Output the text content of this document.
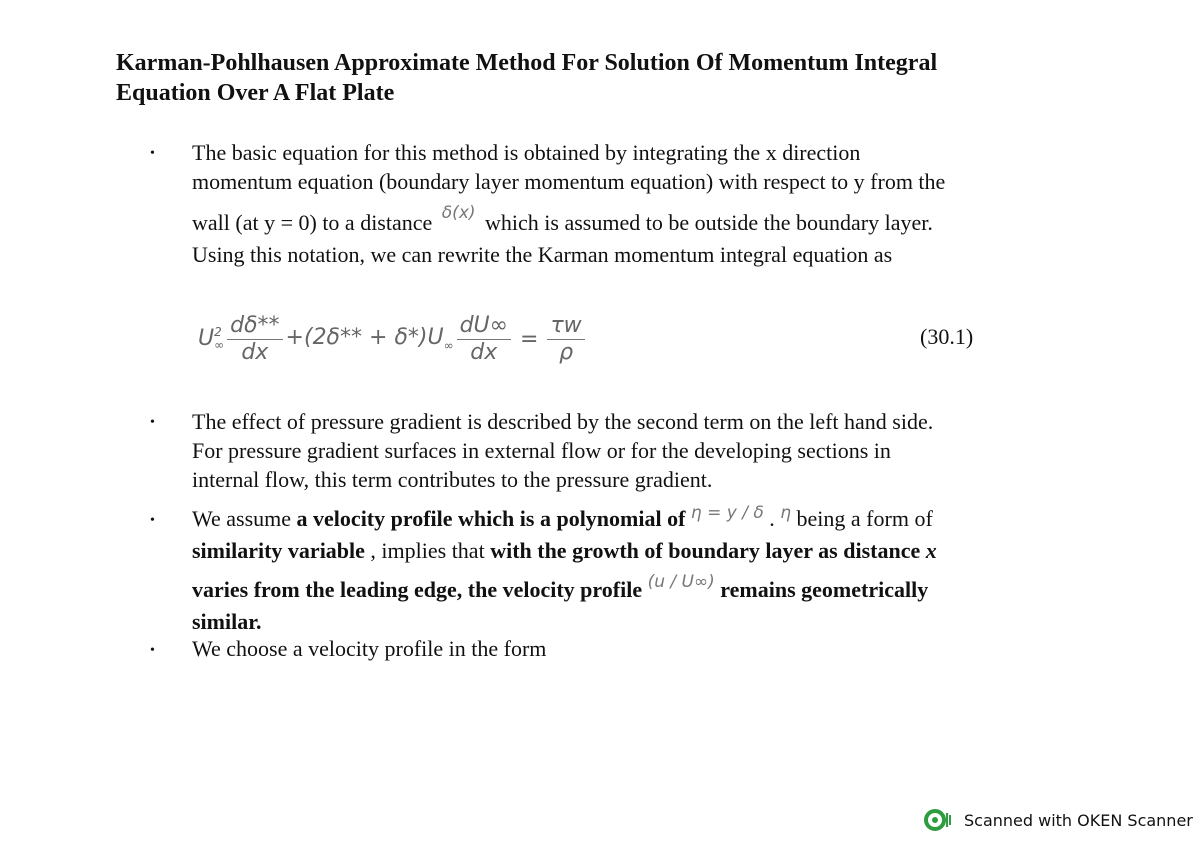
Karman-Pohlhausen Approximate Method For Solution Of Momentum Integral
Equation Over A Flat Plate
• The basic equation for this method is obtained by integrating the x direction
momentum equation (boundary layer momentum equation) with respect to y from the
wall (at y = 0) to a distance $^{\delta(x)}$ which is assumed to be outside the boundary layer.
Using this notation, we can rewrite the Karman momentum integral equation as
U 2
∞ $\frac{d\delta**}{dx} +(2\delta** + \delta*)U_\infty \frac{dU\infty}{dx} = \frac{\tau w}{\rho}$	(30.1)
• The effect of pressure gradient is described by the second term on the left hand side.
For pressure gradient surfaces in external flow or for the developing sections in
internal flow, this term contributes to the pressure gradient.
• We assume a velocity profile which is a polynomial of $^{\eta = y / \delta}$ . $^\eta$ being a form of
similarity variable , implies that with the growth of boundary layer as distance x
varies from the leading edge, the velocity profile $^{(u / U\infty)}$ remains geometrically
similar.
• We choose a velocity profile in the form
Scanned with OKEN Scanner
